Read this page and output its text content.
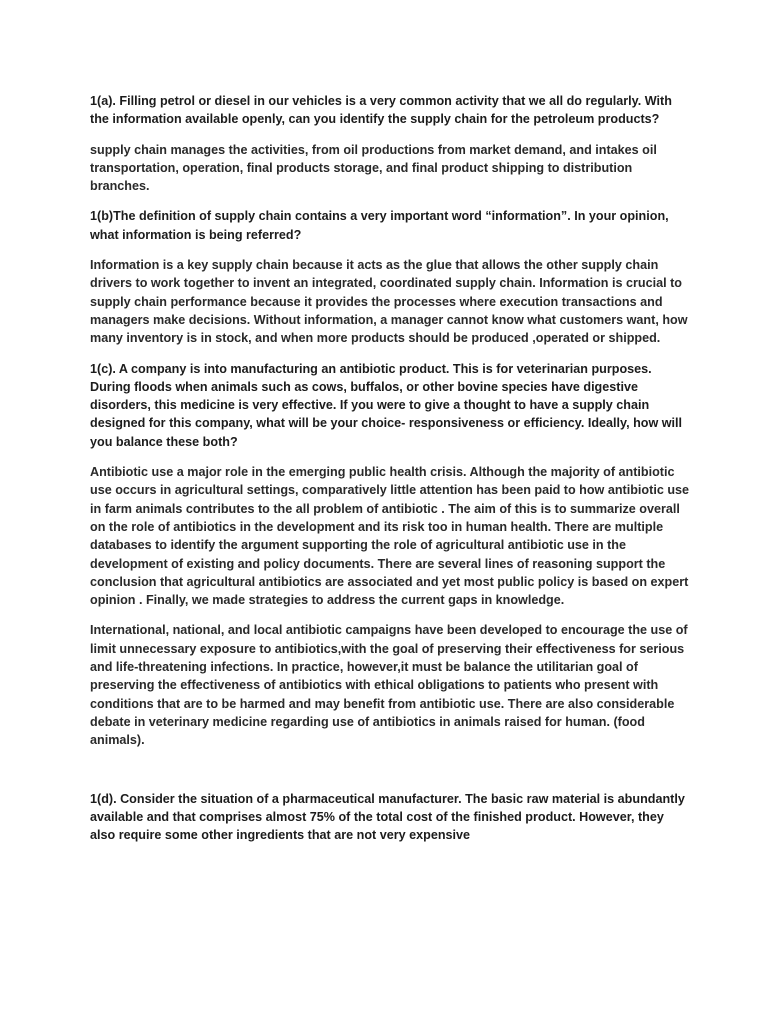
1(a). Filling petrol or diesel in our vehicles is a very common activity that we all do regularly. With the information available openly, can you identify the supply chain for the petroleum products?

supply chain manages the activities, from oil productions from market demand, and intakes oil transportation, operation, final products storage, and final product shipping to distribution branches.

1(b)The definition of supply chain contains a very important word “information”. In your opinion, what information is being referred?

Information is a key supply chain because it acts as the glue that allows the other supply chain drivers to work together to invent an integrated, coordinated supply chain. Information is crucial to supply chain performance because it provides the processes where execution transactions and managers make decisions. Without information, a manager cannot know what customers want, how many inventory is in stock, and when more products should be produced ,operated or shipped.

1(c). A company is into manufacturing an antibiotic product. This is for veterinarian purposes. During floods when animals such as cows, buffalos, or other bovine species have digestive disorders, this medicine is very effective. If you were to give a thought to have a supply chain designed for this company, what will be your choice- responsiveness or efficiency. Ideally, how will you balance these both?

Antibiotic use a major role in the emerging public health crisis. Although the majority of antibiotic use occurs in agricultural settings, comparatively little attention has been paid to how antibiotic use in farm animals contributes to the all problem of antibiotic . The aim of this is to summarize overall on the role of antibiotics in the development and its risk too in human health. There are multiple databases to identify the argument supporting the role of agricultural antibiotic use in the development of existing and policy documents. There are several lines of reasoning support the conclusion that agricultural antibiotics are associated and yet most public policy is based on expert opinion . Finally, we made strategies to address the current gaps in knowledge.

International, national, and local antibiotic campaigns have been developed to encourage the use of limit unnecessary exposure to antibiotics,with the goal of preserving their effectiveness for serious and life-threatening infections. In practice, however,it must be balance the utilitarian goal of preserving the effectiveness of antibiotics with ethical obligations to patients who present with conditions that are to be harmed and may benefit from antibiotic use. There are also considerable debate in veterinary medicine regarding use of antibiotics in animals raised for human. (food animals).

1(d). Consider the situation of a pharmaceutical manufacturer. The basic raw material is abundantly available and that comprises almost 75% of the total cost of the finished product. However, they also require some other ingredients that are not very expensive
